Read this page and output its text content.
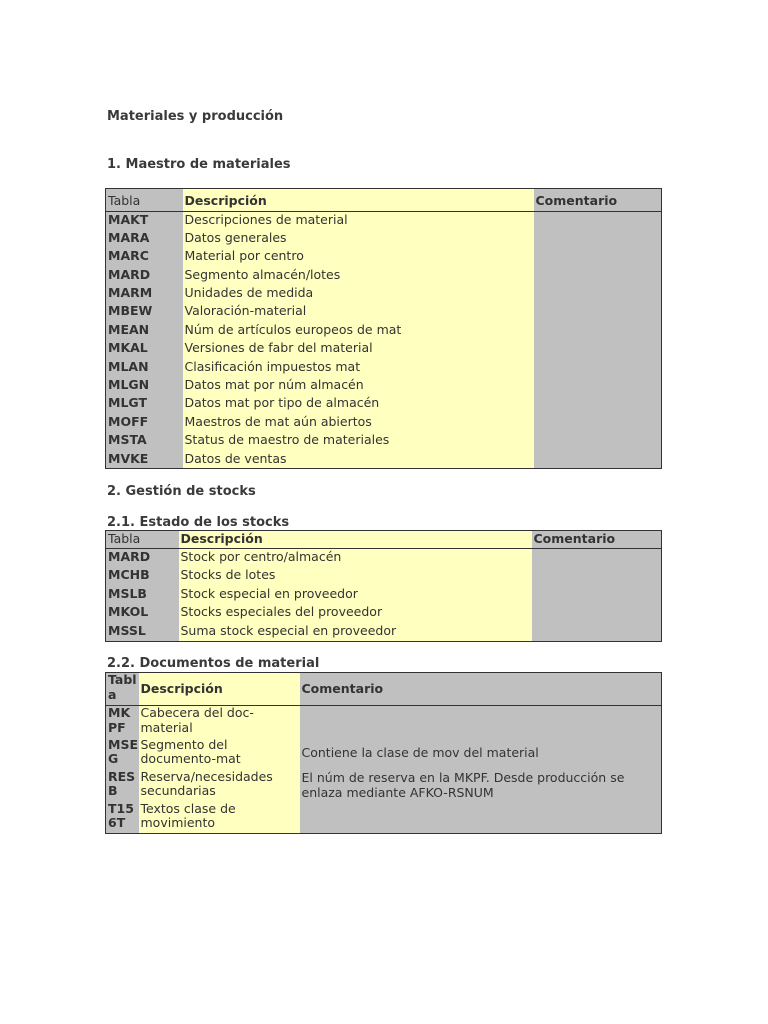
Materiales y producción
1. Maestro de materiales
Tabla	Descripción	Comentario
MAKT	Descripciones de material	
MARA	Datos generales	
MARC	Material por centro	
MARD	Segmento almacén/lotes	
MARM	Unidades de medida	
MBEW	Valoración-material	
MEAN	Núm de artículos europeos de mat	
MKAL	Versiones de fabr del material	
MLAN	Clasificación impuestos mat	
MLGN	Datos mat por núm almacén	
MLGT	Datos mat por tipo de almacén	
MOFF	Maestros de mat aún abiertos	
MSTA	Status de maestro de materiales	
MVKE	Datos de ventas	
2. Gestión de stocks
2.1. Estado de los stocks
Tabla	Descripción	Comentario
MARD	Stock por centro/almacén	
MCHB	Stocks de lotes	
MSLB	Stock especial en proveedor	
MKOL	Stocks especiales del proveedor	
MSSL	Suma stock especial en proveedor	
2.2. Documentos de material
Tabla	Descripción	Comentario
MKPF	Cabecera del doc-material	
MSEG	Segmento del documento-mat	Contiene la clase de mov del material
RESB	Reserva/necesidades secundarias	El núm de reserva en la MKPF. Desde producción se enlaza mediante AFKO-RSNUM
T156T	Textos clase de movimiento	
